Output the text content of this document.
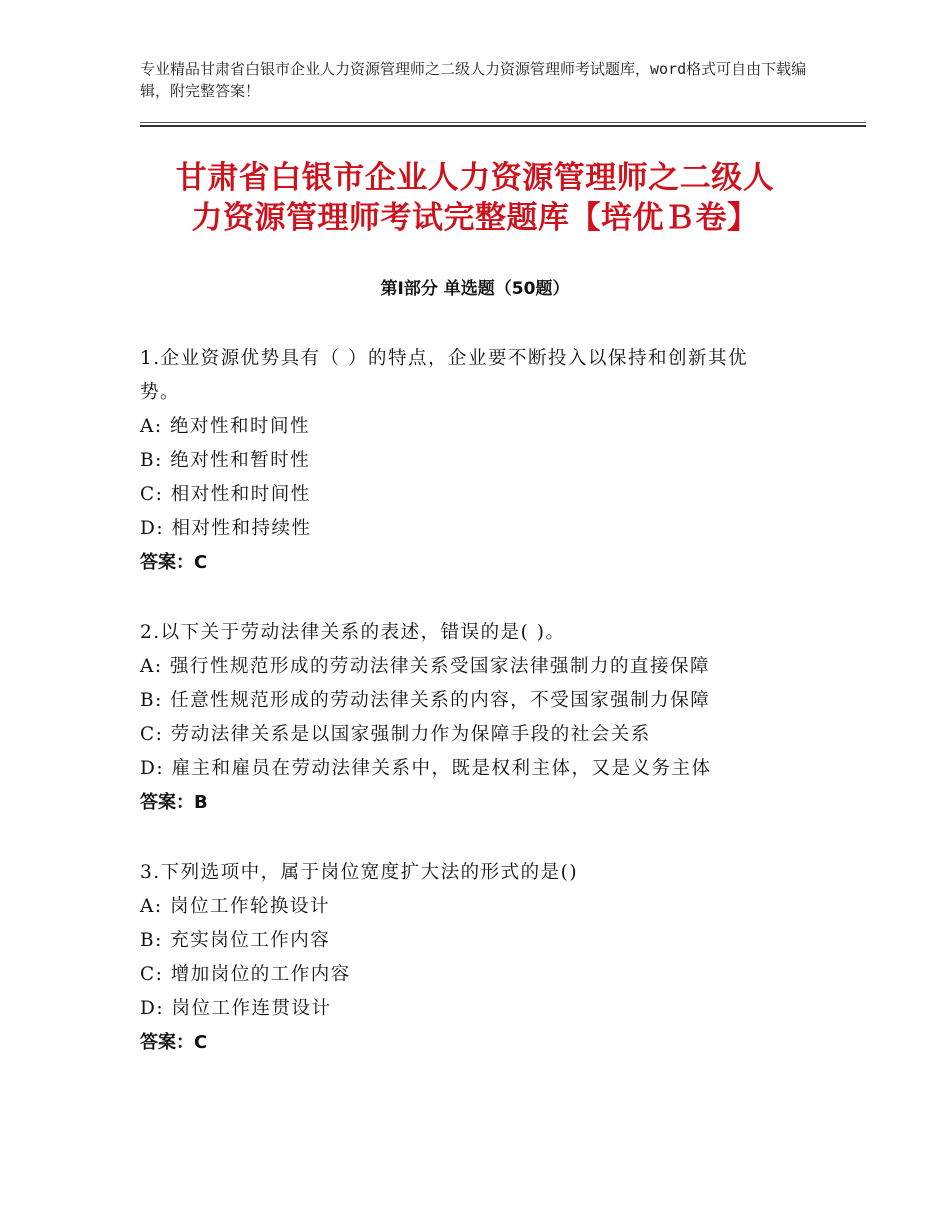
专业精品甘肃省白银市企业人力资源管理师之二级人力资源管理师考试题库，word格式可自由下载编辑，附完整答案！
甘肃省白银市企业人力资源管理师之二级人
力资源管理师考试完整题库【培优Ｂ卷】
第Ⅰ部分 单选题（50题）
1.企业资源优势具有（ ）的特点，企业要不断投入以保持和创新其优
势。
A: 绝对性和时间性
B: 绝对性和暂时性
C: 相对性和时间性
D: 相对性和持续性
答案：C
2.以下关于劳动法律关系的表述，错误的是( )。
A: 强行性规范形成的劳动法律关系受国家法律强制力的直接保障
B: 任意性规范形成的劳动法律关系的内容，不受国家强制力保障
C: 劳动法律关系是以国家强制力作为保障手段的社会关系
D: 雇主和雇员在劳动法律关系中，既是权利主体，又是义务主体
答案：B
3.下列选项中，属于岗位宽度扩大法的形式的是()
A: 岗位工作轮换设计
B: 充实岗位工作内容
C: 增加岗位的工作内容
D: 岗位工作连贯设计
答案：C
